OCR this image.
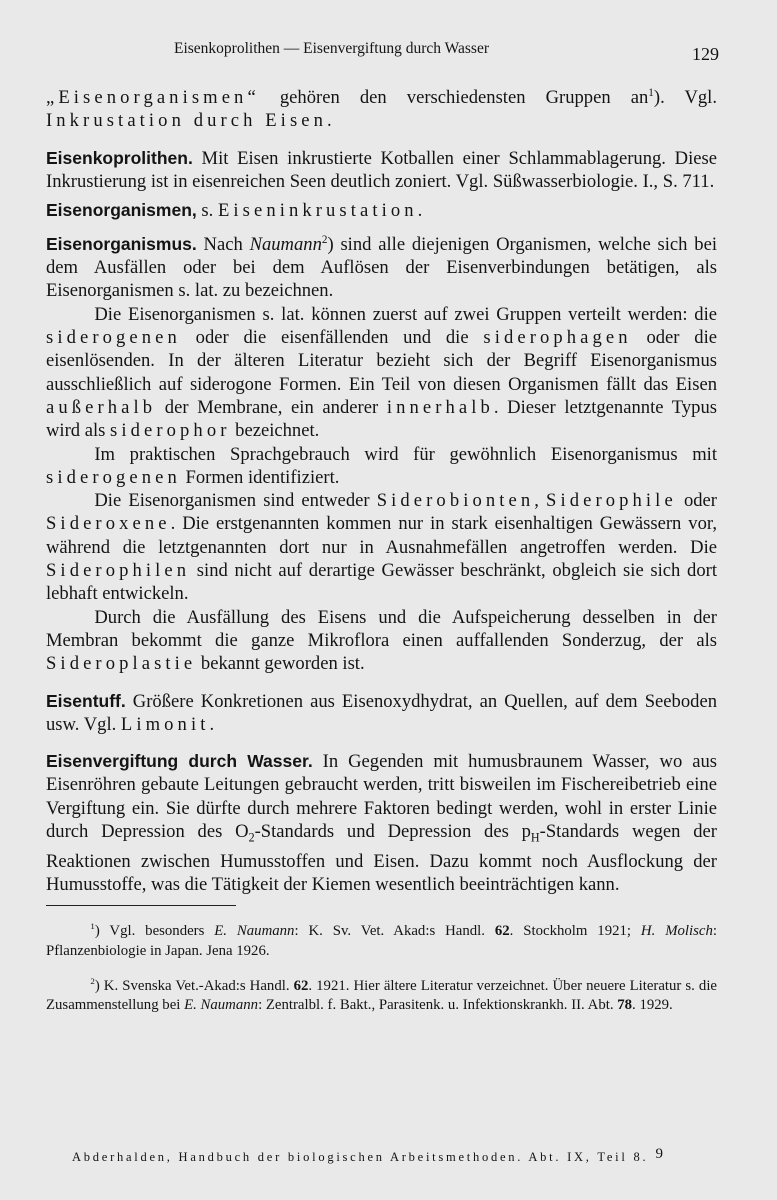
Eisenkoprolithen — Eisenvergiftung durch Wasser	129

„Eisenorganismen“ gehören den verschiedensten Gruppen $an^1$). Vgl. Inkrustation durch Eisen.

Eisenkoprolithen. Mit Eisen inkrustierte Kotballen einer Schlammablagerung. Diese Inkrustierung ist in eisenreichen Seen deutlich zoniert. Vgl. Süßwasserbiologie. I., S. 711.

Eisenorganismen, s. Eiseninkrustation.

Eisenorganismus. Nach Naumann$^2$) sind alle diejenigen Organismen, welche sich bei dem Ausfällen oder bei dem Auflösen der Eisenverbindungen betätigen, als Eisenorganismen s. lat. zu bezeichnen.

Die Eisenorganismen s. lat. können zuerst auf zwei Gruppen verteilt werden: die siderogenen oder die eisenfällenden und die siderophagen oder die eisenlösenden. In der älteren Literatur bezieht sich der Begriff Eisenorganismus ausschließlich auf siderogone Formen. Ein Teil von diesen Organismen fällt das Eisen außerhalb der Membrane, ein anderer innerhalb. Dieser letztgenannte Typus wird als siderophor bezeichnet.

Im praktischen Sprachgebrauch wird für gewöhnlich Eisenorganismus mit siderogenen Formen identifiziert.

Die Eisenorganismen sind entweder Siderobionten, Siderophile oder Sideroxene. Die erstgenannten kommen nur in stark eisenhaltigen Gewässern vor, während die letztgenannten dort nur in Ausnahmefällen angetroffen werden. Die Siderophilen sind nicht auf derartige Gewässer beschränkt, obgleich sie sich dort lebhaft entwickeln.

Durch die Ausfällung des Eisens und die Aufspeicherung desselben in der Membran bekommt die ganze Mikroflora einen auffallenden Sonderzug, der als Sideroplastie bekannt geworden ist.

Eisentuff. Größere Konkretionen aus Eisenoxydhydrat, an Quellen, auf dem Seeboden usw. Vgl. Limonit.

Eisenvergiftung durch Wasser. In Gegenden mit humusbraunem Wasser, wo aus Eisenröhren gebaute Leitungen gebraucht werden, tritt bisweilen im Fischereibetrieb eine Vergiftung ein. Sie dürfte durch mehrere Faktoren bedingt werden, wohl in erster Linie durch Depression des $O_2$-Standards und Depression des $p_H$-Standards wegen der Reaktionen zwischen Humusstoffen und Eisen. Dazu kommt noch Ausflockung der Humusstoffe, was die Tätigkeit der Kiemen wesentlich beeinträchtigen kann.

$^1$) Vgl. besonders E. Naumann: K. Sv. Vet. Akad:s Handl. 62. Stockholm 1921; H. Molisch: Pflanzenbiologie in Japan. Jena 1926.

$^2$) K. Svenska Vet.-Akad:s Handl. 62. 1921. Hier ältere Literatur verzeichnet. Über neuere Literatur s. die Zusammenstellung bei E. Naumann: Zentralbl. f. Bakt., Parasitenk. u. Infektionskrankh. II. Abt. 78. 1929.

Abderhalden, Handbuch der biologischen Arbeitsmethoden. Abt. IX, Teil 8. 9
